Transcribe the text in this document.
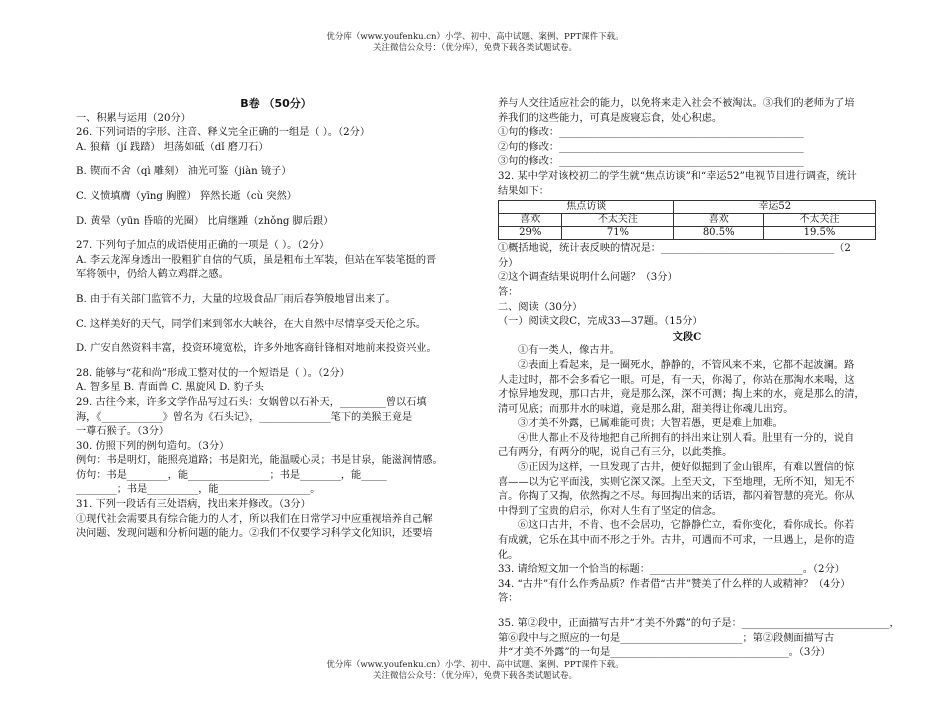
优分库（www.youfenku.cn）小学、初中、高中试题、案例、PPT课件下载。
关注微信公众号：（优分库），免费下载各类试题试卷。
B卷 （50分）
一、积累与运用（20分）
26. 下列词语的字形、注音、释义完全正确的一组是（ ）。（2分）
A. 狼藉（jí 践踏） 坦荡如砥（dǐ 磨刀石）
B. 锲而不舍（qì 雕刻） 油光可鉴（jiàn 镜子）
C. 义愤填膺（yīng 胸膛） 猝然长逝（cù 突然）
D. 黄晕（yūn 昏暗的光圈） 比肩继踵（zhǒng 脚后跟）
27. 下列句子加点的成语使用正确的一项是（ ）。（2分）
A. 李云龙浑身透出一股粗犷自信的气质，虽是粗布土军装，但站在军装笔挺的晋
军将领中，仍给人鹤立鸡群之感。
B. 由于有关部门监管不力，大量的垃圾食品厂雨后春笋般地冒出来了。
C. 这样美好的天气，同学们来到邻水大峡谷，在大自然中尽情享受天伦之乐。
D. 广安自然资料丰富，投资环境宽松，许多外地客商针锋相对地前来投资兴业。
28. 能够与“花和尚”形成工整对仗的一个短语是（ ）。（2分）
A. 智多星 B. 青面兽 C. 黑旋风 D. 豹子头
29. 古往今来，许多文学作品写过石头：女娲曾以石补天，_________曾以石填
海，《____________》曾名为《石头记》，______________笔下的美猴王竟是
一尊石猴子。（3分）
30. 仿照下列的例句造句。（3分）
例句：书是明灯，能照亮道路；书是阳光，能温暖心灵；书是甘泉，能滋润情感。
仿句：书是________，能________________；书是________，能_____
________；书是__________，能__________________。
31. 下列一段话有三处语病，找出来并修改。（3分）
①现代社会需要具有综合能力的人才，所以我们在日常学习中应重视培养自己解
决问题、发现问题和分析问题的能力。②我们不仅要学习科学文化知识，还要培
养与人交往适应社会的能力，以免将来走入社会不被淘汰。③我们的老师为了培
养我们的这些能力，可真是废寝忘食，处心积虑。
①句的修改：________________________________________________
②句的修改：________________________________________________
③句的修改：________________________________________________
32. 某中学对该校初二的学生就“焦点访谈”和“幸运52”电视节目进行调查，统计
结果如下：
焦点访谈		幸运52	
喜欢	不太关注	喜欢	不太关注
29%	71%	80.5%	19.5%
①概括地说，统计表反映的情况是：__________________________________（2
分）
②这个调查结果说明什么问题？（3分）
答：
二、阅读（30分）
（一）阅读文段C，完成33—37题。（15分）
文段C
①有一类人，像古井。
②表面上看起来，是一圈死水，静静的，不管风来不来，它都不起波澜。路
人走过时，都不会多看它一眼。可是，有一天，你渴了，你站在那淘水来喝，这
才惊异地发现，那口古井，竟是那么深，深不可测；掏上来的水，竟是那么的清，
清可见底；而那井水的味道，竟是那么甜，甜美得让你魂儿出窍。
③才美不外露，已属难能可贵；大智若愚，更是难上加难。
④世人都止不及待地把自己所拥有的抖出来让别人看。肚里有一分的，说自
己有两分，有两分的呢，说自己有三分，以此类推。
⑤正因为这样，一旦发现了古井，便好似掘到了金山银库，有难以置信的惊
喜——以为它平面浅，实则它深又深。上至天文，下至地理，无所不知，知无不
言。你掏了又掏，依然掏之不尽。每回掏出来的话语，都闪着智慧的亮光。你从
中得到了宝贵的启示，你对人生有了坚定的信念。
⑥这口古井，不肯、也不会居功，它静静伫立，看你变化，看你成长。你若
有成就，它乐在其中而不形之于外。古井，可遇而不可求，一旦遇上，是你的造
化。
33. 请给短文加一个恰当的标题：______________________________。（2分）
34. “古井”有什么作秀品质？作者借“古井”赞美了什么样的人或精神？（4分）
答：
35. 第②段中，正面描写古井“才美不外露”的句子是：_____________________________，
第⑥段中与之照应的一句是________________________；第②段侧面描写古
井“才美不外露”的一句是___________________________________。（3分）
优分库（www.youfenku.cn）小学、初中、高中试题、案例、PPT课件下载。
关注微信公众号：（优分库），免费下载各类试题试卷。
